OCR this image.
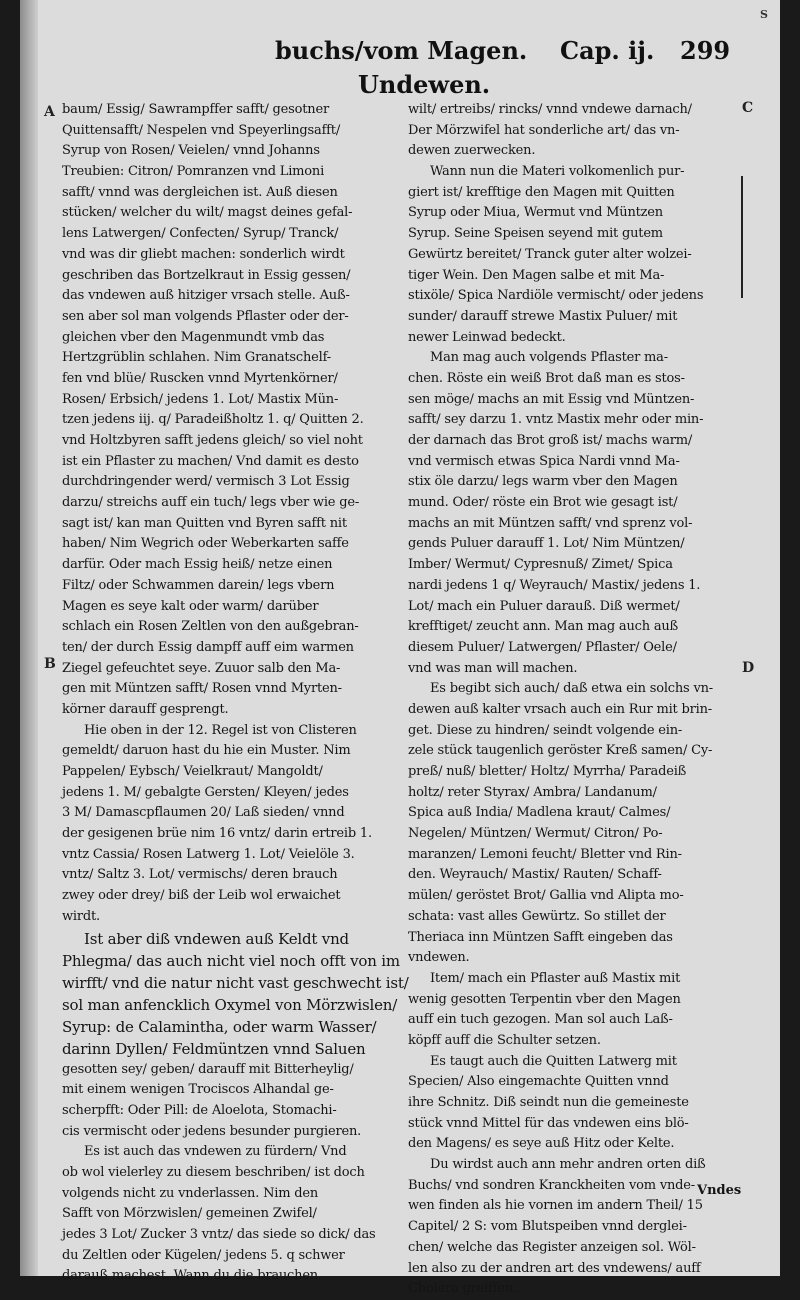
S
buchs/vom Magen. Cap. ij. 299
Undewen.
A
B
C
D
baum/ Essig/ Sawrampffer safft/ gesotner
Quittensafft/ Nespelen vnd Speyerlingsafft/
Syrup von Rosen/ Veielen/ vnnd Johanns
Treubien: Citron/ Pomranzen vnd Limoni
safft/ vnnd was dergleichen ist. Auß diesen
stücken/ welcher du wilt/ magst deines gefal-
lens Latwergen/ Confecten/ Syrup/ Tranck/
vnd was dir gliebt machen: sonderlich wirdt
geschriben das Bortzelkraut in Essig gessen/
das vndewen auß hitziger vrsach stelle. Auß-
sen aber sol man volgends Pflaster oder der-
gleichen vber den Magenmundt vmb das
Hertzgrüblin schlahen. Nim Granatschelf-
fen vnd blüe/ Ruscken vnnd Myrtenkörner/
Rosen/ Erbsich/ jedens 1. Lot/ Mastix Mün-
tzen jedens iij. q/ Paradeißholtz 1. q/ Quitten 2.
vnd Holtzbyren safft jedens gleich/ so viel noht
ist ein Pflaster zu machen/ Vnd damit es desto
durchdringender werd/ vermisch 3 Lot Essig
darzu/ streichs auff ein tuch/ legs vber wie ge-
sagt ist/ kan man Quitten vnd Byren safft nit
haben/ Nim Wegrich oder Weberkarten saffe
darfür. Oder mach Essig heiß/ netze einen
Filtz/ oder Schwammen darein/ legs vbern
Magen es seye kalt oder warm/ darüber
schlach ein Rosen Zeltlen von den außgebran-
ten/ der durch Essig dampff auff eim warmen
Ziegel gefeuchtet seye. Zuuor salb den Ma-
gen mit Müntzen safft/ Rosen vnnd Myrten-
körner darauff gesprengt.
Hie oben in der 12. Regel ist von Clisteren
gemeldt/ daruon hast du hie ein Muster. Nim
Pappelen/ Eybsch/ Veielkraut/ Mangoldt/
jedens 1. M/ gebalgte Gersten/ Kleyen/ jedes
3 M/ Damascpflaumen 20/ Laß sieden/ vnnd
der gesigenen brüe nim 16 vntz/ darin ertreib 1.
vntz Cassia/ Rosen Latwerg 1. Lot/ Veielöle 3.
vntz/ Saltz 3. Lot/ vermischs/ deren brauch
zwey oder drey/ biß der Leib wol erwaichet
wirdt.
Ist aber diß vndewen auß Keldt vnd
Phlegma/ das auch nicht viel noch offt von im
wirfft/ vnd die natur nicht vast geschwecht ist/
sol man anfencklich Oxymel von Mörzwislen/
Syrup: de Calamintha, oder warm Wasser/
darinn Dyllen/ Feldmüntzen vnnd Saluen
gesotten sey/ geben/ darauff mit Bitterheylig/
mit einem wenigen Trociscos Alhandal ge-
scherpfft: Oder Pill: de Aloelota, Stomachi-
cis vermischt oder jedens besunder purgieren.
Es ist auch das vndewen zu fürdern/ Vnd
ob wol vielerley zu diesem beschriben/ ist doch
volgends nicht zu vnderlassen. Nim den
Safft von Mörzwislen/ gemeinen Zwifel/
jedes 3 Lot/ Zucker 3 vntz/ das siede so dick/ das
du Zeltlen oder Kügelen/ jedens 5. q schwer
darauß machest. Wann du die brauchen
wilt/ ertreibs/ rincks/ vnnd vndewe darnach/
Der Mörzwifel hat sonderliche art/ das vn-
dewen zuerwecken.
Wann nun die Materi volkomenlich pur-
giert ist/ krefftige den Magen mit Quitten
Syrup oder Miua, Wermut vnd Müntzen
Syrup. Seine Speisen seyend mit gutem
Gewürtz bereitet/ Tranck guter alter wolzei-
tiger Wein. Den Magen salbe et mit Ma-
stixöle/ Spica Nardiöle vermischt/ oder jedens
sunder/ darauff strewe Mastix Puluer/ mit
newer Leinwad bedeckt.
Man mag auch volgends Pflaster ma-
chen. Röste ein weiß Brot daß man es stos-
sen möge/ machs an mit Essig vnd Müntzen-
safft/ sey darzu 1. vntz Mastix mehr oder min-
der darnach das Brot groß ist/ machs warm/
vnd vermisch etwas Spica Nardi vnnd Ma-
stix öle darzu/ legs warm vber den Magen
mund. Oder/ röste ein Brot wie gesagt ist/
machs an mit Müntzen safft/ vnd sprenz vol-
gends Puluer darauff 1. Lot/ Nim Müntzen/
Imber/ Wermut/ Cypresnuß/ Zimet/ Spica
nardi jedens 1 q/ Weyrauch/ Mastix/ jedens 1.
Lot/ mach ein Puluer darauß. Diß wermet/
krefftiget/ zeucht ann. Man mag auch auß
diesem Puluer/ Latwergen/ Pflaster/ Oele/
vnd was man will machen.
Es begibt sich auch/ daß etwa ein solchs vn-
dewen auß kalter vrsach auch ein Rur mit brin-
get. Diese zu hindren/ seindt volgende ein-
zele stück taugenlich geröster Kreß samen/ Cy-
preß/ nuß/ bletter/ Holtz/ Myrrha/ Paradeiß
holtz/ reter Styrax/ Ambra/ Landanum/
Spica auß India/ Madlena kraut/ Calmes/
Negelen/ Müntzen/ Wermut/ Citron/ Po-
maranzen/ Lemoni feucht/ Bletter vnd Rin-
den. Weyrauch/ Mastix/ Rauten/ Schaff-
mülen/ geröstet Brot/ Gallia vnd Alipta mo-
schata: vast alles Gewürtz. So stillet der
Theriaca inn Müntzen Safft eingeben das
vndewen.
Item/ mach ein Pflaster auß Mastix mit
wenig gesotten Terpentin vber den Magen
auff ein tuch gezogen. Man sol auch Laß-
köpff auff die Schulter setzen.
Es taugt auch die Quitten Latwerg mit
Specien/ Also eingemachte Quitten vnnd
ihre Schnitz. Diß seindt nun die gemeineste
stück vnnd Mittel für das vndewen eins blö-
den Magens/ es seye auß Hitz oder Kelte.
Du wirdst auch ann mehr andren orten diß
Buchs/ vnd sondren Kranckheiten vom vnde-
wen finden als hie vornen im andern Theil/ 15
Capitel/ 2 S: vom Blutspeiben vnnd derglei-
chen/ welche das Register anzeigen sol. Wöl-
len also zu der andren art des vndewens/ auff
Cholera greiffen.
Vndes
